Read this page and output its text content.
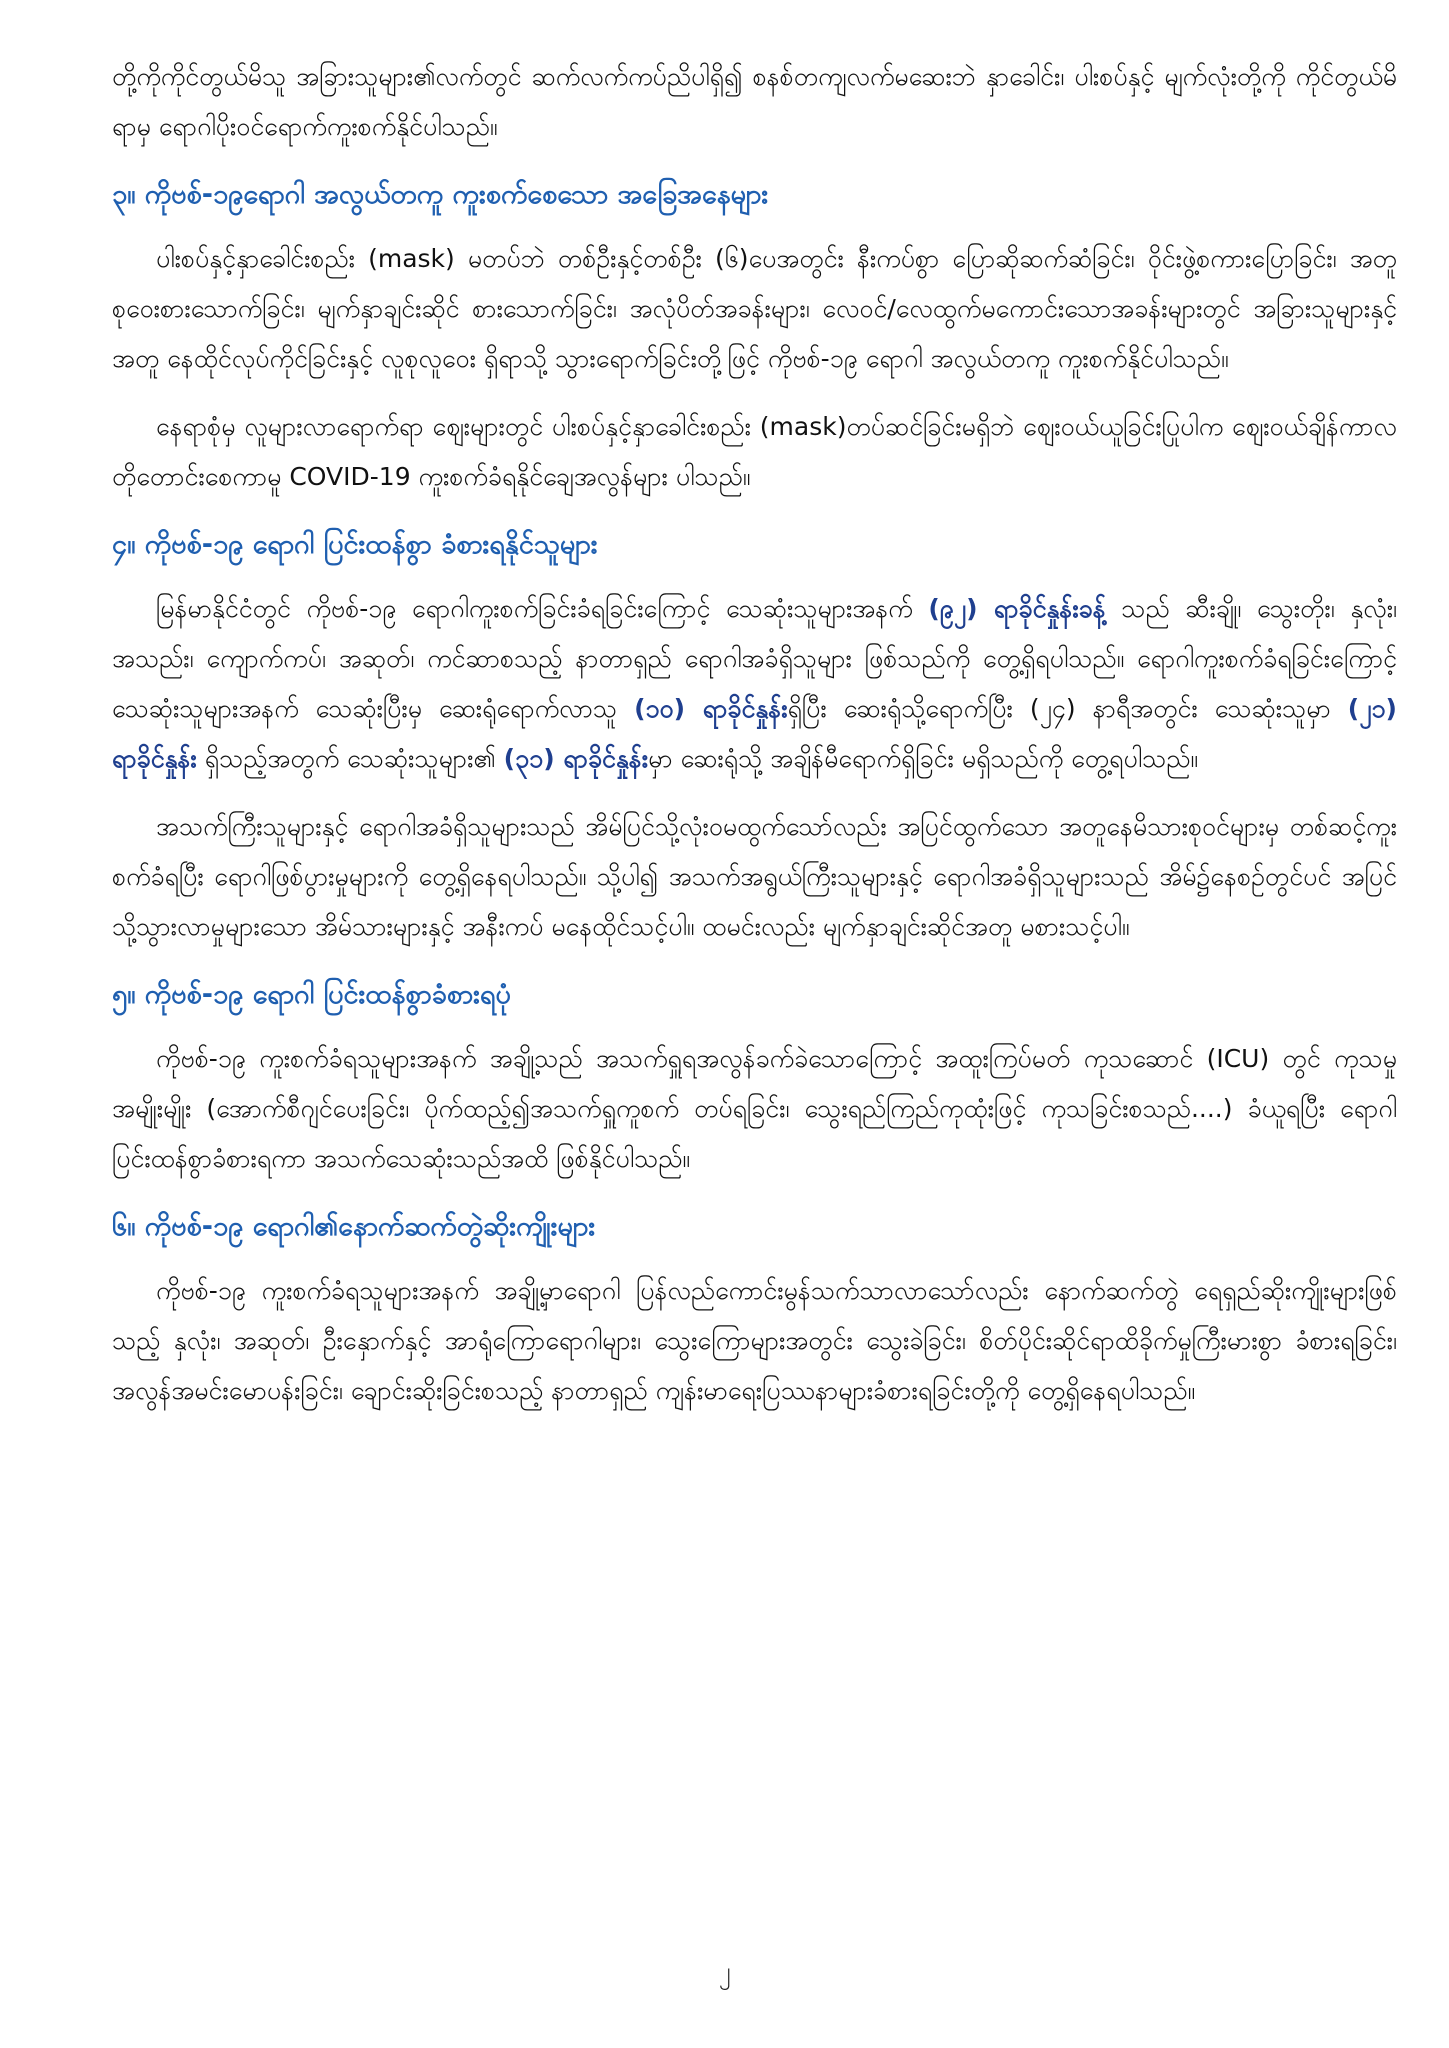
တို့ကိုကိုင်တွယ်မိသူ အခြားသူများ၏လက်တွင် ဆက်လက်ကပ်ညိပါရှိ၍ စနစ်တကျလက်မဆေးဘဲ နှာခေါင်း၊ ပါးစပ်နှင့် မျက်လုံးတို့ကို ကိုင်တွယ်မိရာမှ ရောဂါပိုးဝင်ရောက်ကူးစက်နိုင်ပါသည်။

၃။ ကိုဗစ်-၁၉ရောဂါ အလွယ်တကူ ကူးစက်စေသော အခြေအနေများ

ပါးစပ်နှင့်နှာခေါင်းစည်း (mask) မတပ်ဘဲ တစ်ဦးနှင့်တစ်ဦး (၆)ပေအတွင်း နီးကပ်စွာ ပြောဆိုဆက်ဆံခြင်း၊ ဝိုင်းဖွဲ့စကားပြောခြင်း၊ အတူစုဝေးစားသောက်ခြင်း၊ မျက်နှာချင်းဆိုင် စားသောက်ခြင်း၊ အလုံပိတ်အခန်းများ၊ လေဝင်/လေထွက်မကောင်းသောအခန်းများတွင် အခြားသူများနှင့်အတူ နေထိုင်လုပ်ကိုင်ခြင်းနှင့် လူစုလူဝေး ရှိရာသို့ သွားရောက်ခြင်းတို့ဖြင့် ကိုဗစ်-၁၉ ရောဂါ အလွယ်တကူ ကူးစက်နိုင်ပါသည်။

နေရာစုံမှ လူများလာရောက်ရာ ဈေးများတွင် ပါးစပ်နှင့်နှာခေါင်းစည်း (mask)တပ်ဆင်ခြင်းမရှိဘဲ ဈေးဝယ်ယူခြင်းပြုပါက ဈေးဝယ်ချိန်ကာလတိုတောင်းစေကာမူ COVID-19 ကူးစက်ခံရနိုင်ချေအလွန်များ ပါသည်။

၄။ ကိုဗစ်-၁၉ ရောဂါ ပြင်းထန်စွာ ခံစားရနိုင်သူများ

မြန်မာနိုင်ငံတွင် ကိုဗစ်-၁၉ ရောဂါကူးစက်ခြင်းခံရခြင်းကြောင့် သေဆုံးသူများအနက် (၉၂) ရာခိုင်နှုန်းခန့် သည် ဆီးချို၊ သွေးတိုး၊ နှလုံး၊ အသည်း၊ ကျောက်ကပ်၊ အဆုတ်၊ ကင်ဆာစသည့် နာတာရှည် ရောဂါအခံရှိသူများ ဖြစ်သည်ကို တွေ့ရှိရပါသည်။ ရောဂါကူးစက်ခံရခြင်းကြောင့် သေဆုံးသူများအနက် သေဆုံးပြီးမှ ဆေးရုံရောက်လာသူ (၁၀) ရာခိုင်နှုန်းရှိပြီး ဆေးရုံသို့ရောက်ပြီး (၂၄) နာရီအတွင်း သေဆုံးသူမှာ (၂၁) ရာခိုင်နှုန်း ရှိသည့်အတွက် သေဆုံးသူများ၏ (၃၁) ရာခိုင်နှုန်းမှာ ဆေးရုံသို့ အချိန်မီရောက်ရှိခြင်း မရှိသည်ကို တွေ့ရပါသည်။

အသက်ကြီးသူများနှင့် ရောဂါအခံရှိသူများသည် အိမ်ပြင်သို့လုံးဝမထွက်သော်လည်း အပြင်ထွက်သော အတူနေမိသားစုဝင်များမှ တစ်ဆင့်ကူးစက်ခံရပြီး ရောဂါဖြစ်ပွားမှုများကို တွေ့ရှိနေရပါသည်။ သို့ပါ၍ အသက်အရွယ်ကြီးသူများနှင့် ရောဂါအခံရှိသူများသည် အိမ်၌နေစဉ်တွင်ပင် အပြင်သို့သွားလာမှုများသော အိမ်သားများနှင့် အနီးကပ် မနေထိုင်သင့်ပါ။ ထမင်းလည်း မျက်နှာချင်းဆိုင်အတူ မစားသင့်ပါ။

၅။ ကိုဗစ်-၁၉ ရောဂါ ပြင်းထန်စွာခံစားရပုံ

ကိုဗစ်-၁၉ ကူးစက်ခံရသူများအနက် အချို့သည် အသက်ရှူရအလွန်ခက်ခဲသောကြောင့် အထူးကြပ်မတ် ကုသဆောင် (ICU) တွင် ကုသမှုအမျိုးမျိုး (အောက်စီဂျင်ပေးခြင်း၊ ပိုက်ထည့်၍အသက်ရှူကူစက် တပ်ရခြင်း၊ သွေးရည်ကြည်ကုထုံးဖြင့် ကုသခြင်းစသည်....) ခံယူရပြီး ရောဂါပြင်းထန်စွာခံစားရကာ အသက်သေဆုံးသည်အထိ ဖြစ်နိုင်ပါသည်။

၆။ ကိုဗစ်-၁၉ ရောဂါ၏နောက်ဆက်တွဲဆိုးကျိုးများ

ကိုဗစ်-၁၉ ကူးစက်ခံရသူများအနက် အချို့မှာရောဂါ ပြန်လည်ကောင်းမွန်သက်သာလာသော်လည်း နောက်ဆက်တွဲ ရေရှည်ဆိုးကျိုးများဖြစ်သည့် နှလုံး၊ အဆုတ်၊ ဦးနှောက်နှင့် အာရုံကြောရောဂါများ၊ သွေးကြောများအတွင်း သွေးခဲခြင်း၊ စိတ်ပိုင်းဆိုင်ရာထိခိုက်မှုကြီးမားစွာ ခံစားရခြင်း၊ အလွန်အမင်းမောပန်းခြင်း၊ ချောင်းဆိုးခြင်းစသည့် နာတာရှည် ကျန်းမာရေးပြဿနာများခံစားရခြင်းတို့ကို တွေ့ရှိနေရပါသည်။

၂
